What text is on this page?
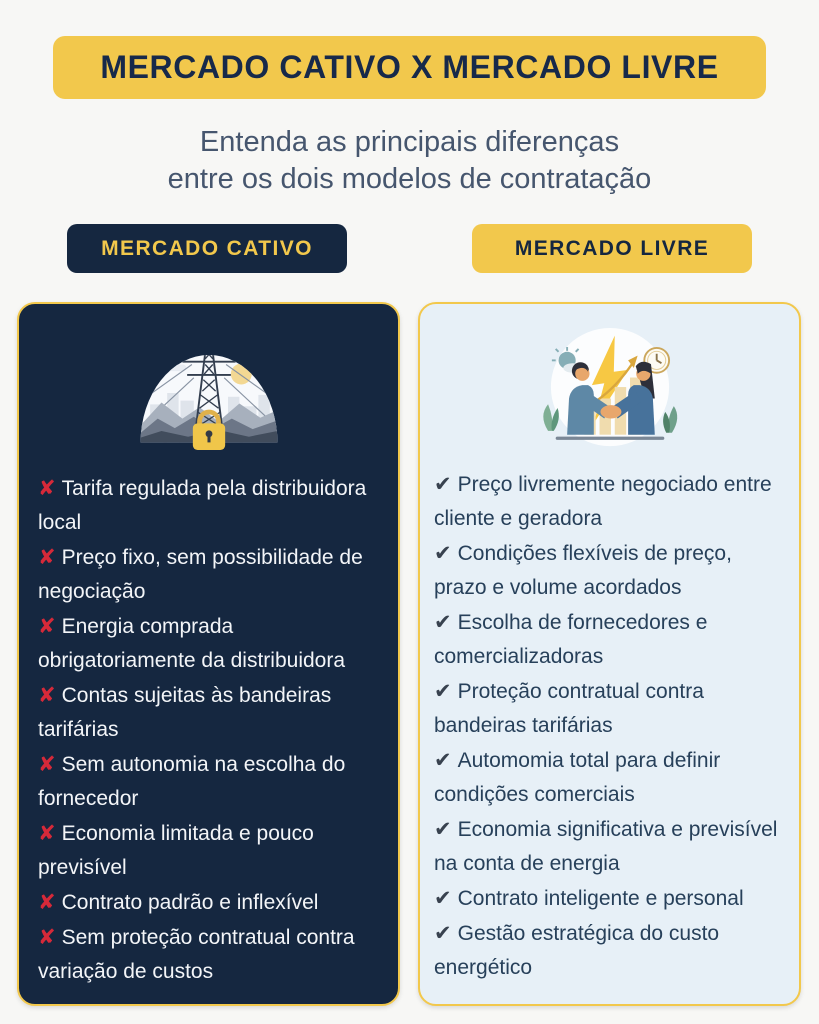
MERCADO CATIVO X MERCADO LIVRE
Entenda as principais diferenças
entre os dois modelos de contratação
MERCADO CATIVO	MERCADO LIVRE

✘ Tarifa regulada pela distribuidora local

✘ Preço fixo, sem possibilidade de negociação

✘ Energia comprada obrigatoriamente da distribuidora

✘ Contas sujeitas às bandeiras tarifárias

✘ Sem autonomia na escolha do fornecedor

✘ Economia limitada e pouco previsível

✘ Contrato padrão e inflexível

✘ Sem proteção contratual contra variação de custos

✔ Preço livremente negociado entre cliente e geradora

✔ Condições flexíveis de preço, prazo e volume acordados

✔ Escolha de fornecedores e comercializadoras

✔ Proteção contratual contra bandeiras tarifárias

✔ Automomia total para definir condições comerciais

✔ Economia significativa e previsível na conta de energia

✔ Contrato inteligente e personal

✔ Gestão estratégica do custo energético
